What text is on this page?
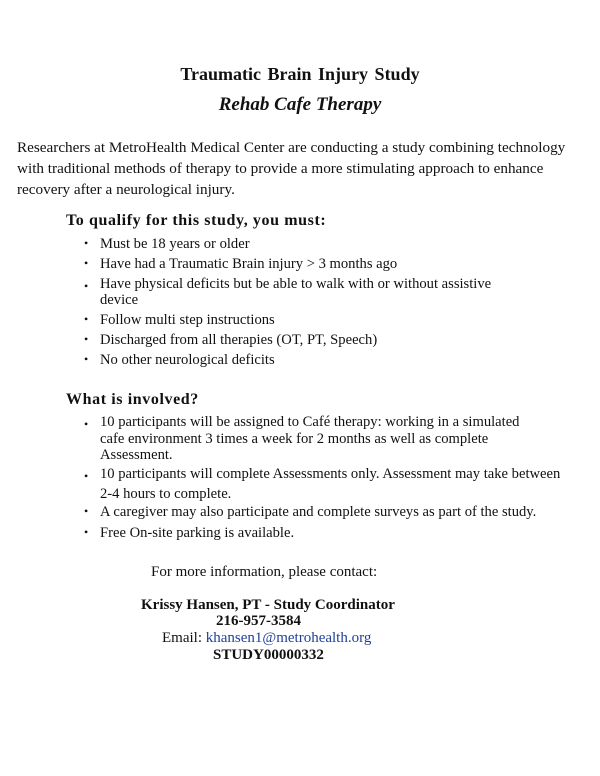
Traumatic Brain Injury Study
Rehab Cafe Therapy
Researchers at MetroHealth Medical Center are conducting a study combining technology
with traditional methods of therapy to provide a more stimulating approach to enhance
recovery after a neurological injury.
To qualify for this study, you must:
• Must be 18 years or older
• Have had a Traumatic Brain injury > 3 months ago
• Have physical deficits but be able to walk with or without assistive
device
• Follow multi step instructions
• Discharged from all therapies (OT, PT, Speech)
• No other neurological deficits
What is involved?
• 10 participants will be assigned to Café therapy: working in a simulated
cafe environment 3 times a week for 2 months as well as complete
Assessment.
• 10 participants will complete Assessments only. Assessment may take between
2-4 hours to complete.
• A caregiver may also participate and complete surveys as part of the study.
• Free On-site parking is available.
For more information, please contact:
Krissy Hansen, PT - Study Coordinator
216-957-3584
Email: khansen1@metrohealth.org
STUDY00000332
